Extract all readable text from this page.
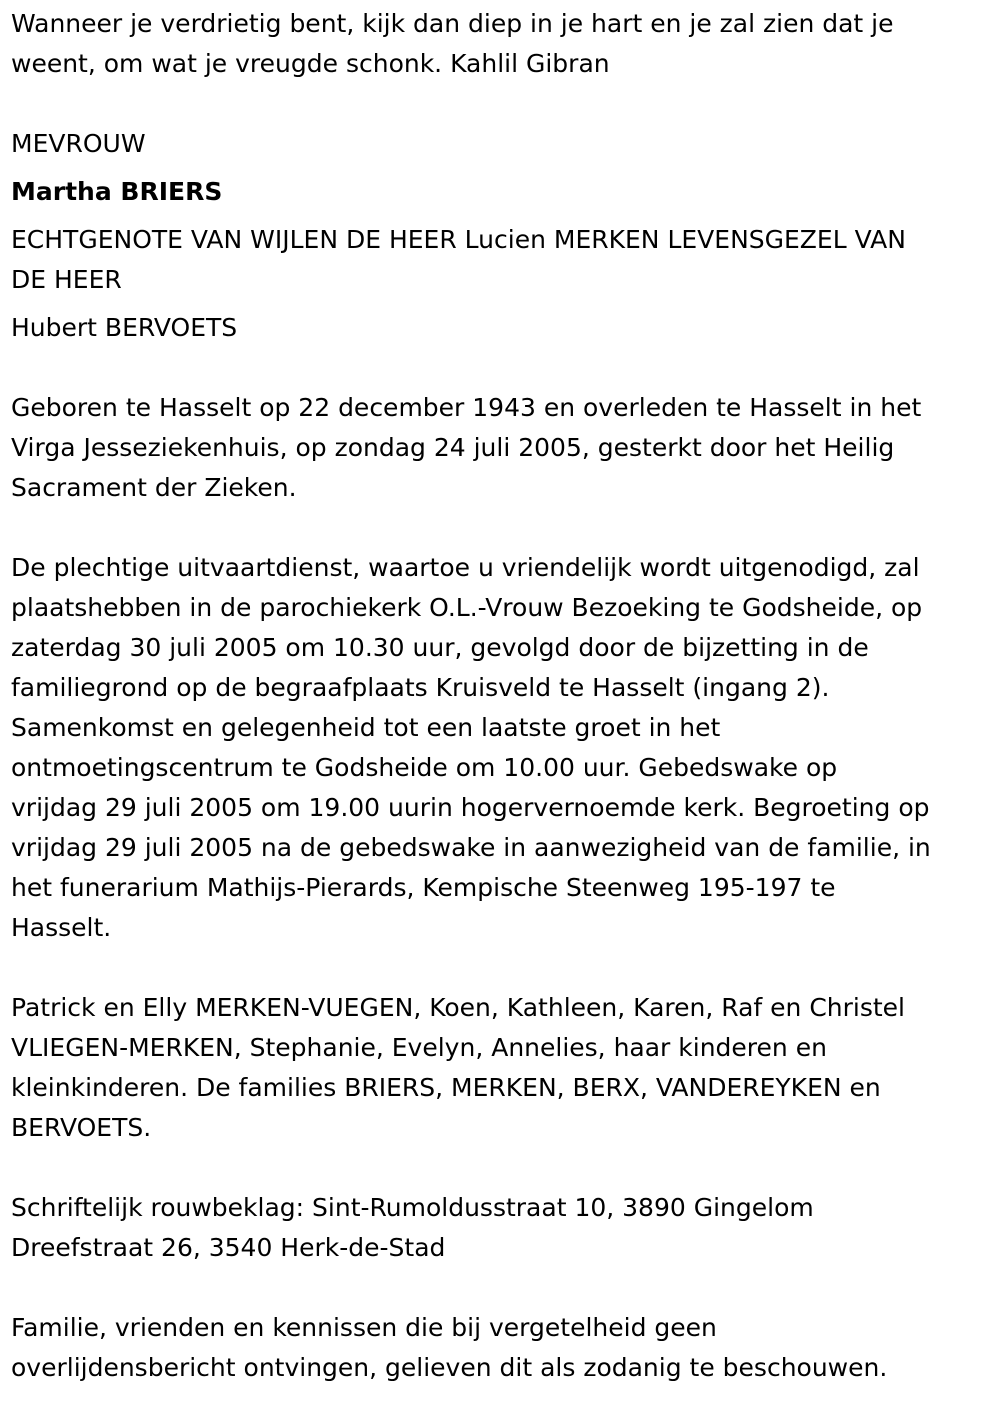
Wanneer je verdrietig bent, kijk dan diep in je hart en je zal zien dat je
weent, om wat je vreugde schonk. Kahlil Gibran

MEVROUW

Martha BRIERS

ECHTGENOTE VAN WIJLEN DE HEER Lucien MERKEN LEVENSGEZEL VAN
DE HEER

Hubert BERVOETS

Geboren te Hasselt op 22 december 1943 en overleden te Hasselt in het
Virga Jesseziekenhuis, op zondag 24 juli 2005, gesterkt door het Heilig
Sacrament der Zieken.

De plechtige uitvaartdienst, waartoe u vriendelijk wordt uitgenodigd, zal
plaatshebben in de parochiekerk O.L.-Vrouw Bezoeking te Godsheide, op
zaterdag 30 juli 2005 om 10.30 uur, gevolgd door de bijzetting in de
familiegrond op de begraafplaats Kruisveld te Hasselt (ingang 2).
Samenkomst en gelegenheid tot een laatste groet in het
ontmoetingscentrum te Godsheide om 10.00 uur. Gebedswake op
vrijdag 29 juli 2005 om 19.00 uurin hogervernoemde kerk. Begroeting op
vrijdag 29 juli 2005 na de gebedswake in aanwezigheid van de familie, in
het funerarium Mathijs-Pierards, Kempische Steenweg 195-197 te
Hasselt.

Patrick en Elly MERKEN-VUEGEN, Koen, Kathleen, Karen, Raf en Christel
VLIEGEN-MERKEN, Stephanie, Evelyn, Annelies, haar kinderen en
kleinkinderen. De families BRIERS, MERKEN, BERX, VANDEREYKEN en
BERVOETS.

Schriftelijk rouwbeklag: Sint-Rumoldusstraat 10, 3890 Gingelom
Dreefstraat 26, 3540 Herk-de-Stad

Familie, vrienden en kennissen die bij vergetelheid geen
overlijdensbericht ontvingen, gelieven dit als zodanig te beschouwen.
